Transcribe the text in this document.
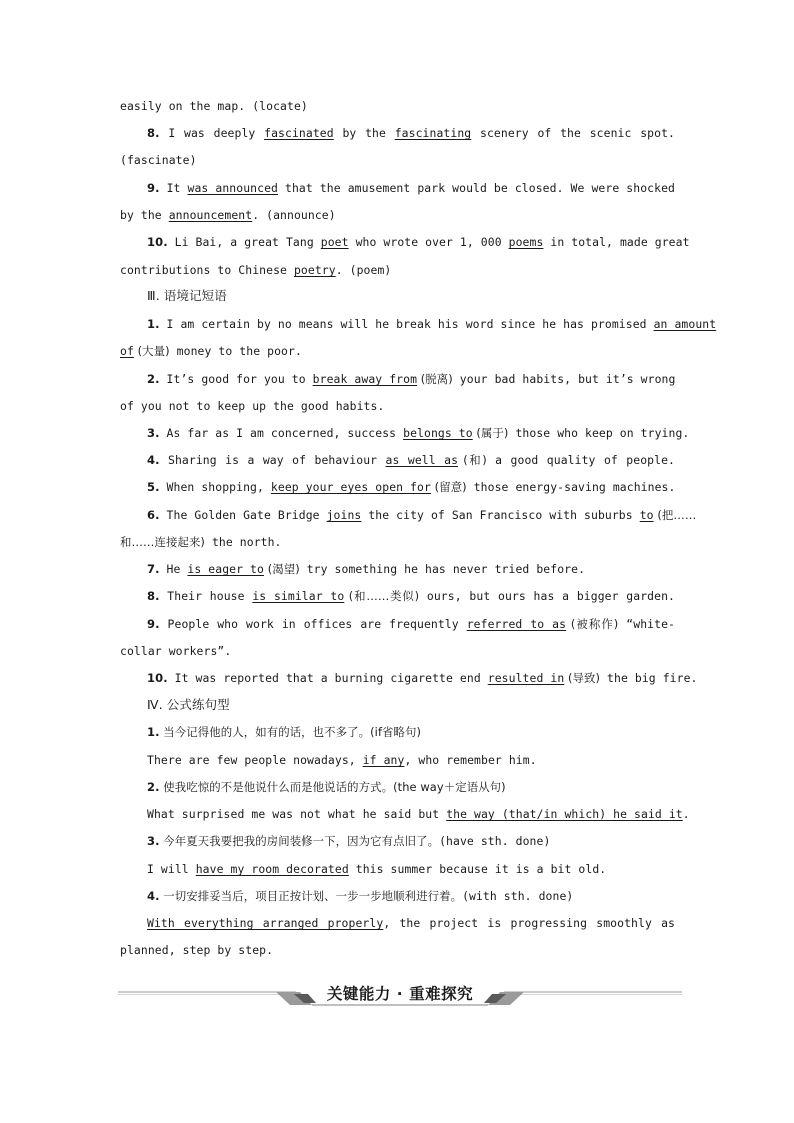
easily on the map. (locate)
8. I was deeply fascinated by the fascinating scenery of the scenic spot.
(fascinate)
9. It was announced that the amusement park would be closed. We were shocked
by the announcement. (announce)
10. Li Bai, a great Tang poet who wrote over 1, 000 poems in total, made great
contributions to Chinese poetry. (poem)
Ⅲ. 语境记短语
1. I am certain by no means will he break his word since he has promised an amount
of (大量) money to the poor.
2. It’s good for you to break away from (脱离) your bad habits, but it’s wrong
of you not to keep up the good habits.
3. As far as I am concerned, success belongs to (属于) those who keep on trying.
4. Sharing is a way of behaviour as well as (和) a good quality of people.
5. When shopping, keep your eyes open for (留意) those energy-saving machines.
6. The Golden Gate Bridge joins the city of San Francisco with suburbs to (把……
和……连接起来) the north.
7. He is eager to (渴望) try something he has never tried before.
8. Their house is similar to (和……类似) ours, but ours has a bigger garden.
9. People who work in offices are frequently referred to as (被称作) “white-
collar workers”.
10. It was reported that a burning cigarette end resulted in (导致) the big fire.
Ⅳ. 公式练句型
1. 当今记得他的人，如有的话，也不多了。(if省略句)
There are few people nowadays, if any, who remember him.
2. 使我吃惊的不是他说什么而是他说话的方式。(the way＋定语从句)
What surprised me was not what he said but the way (that/in which) he said it.
3. 今年夏天我要把我的房间装修一下，因为它有点旧了。(have sth. done)
I will have my room decorated this summer because it is a bit old.
4. 一切安排妥当后，项目正按计划、一步一步地顺利进行着。(with sth. done)
With everything arranged properly, the project is progressing smoothly as
planned, step by step.
关键能力 · 重难探究
